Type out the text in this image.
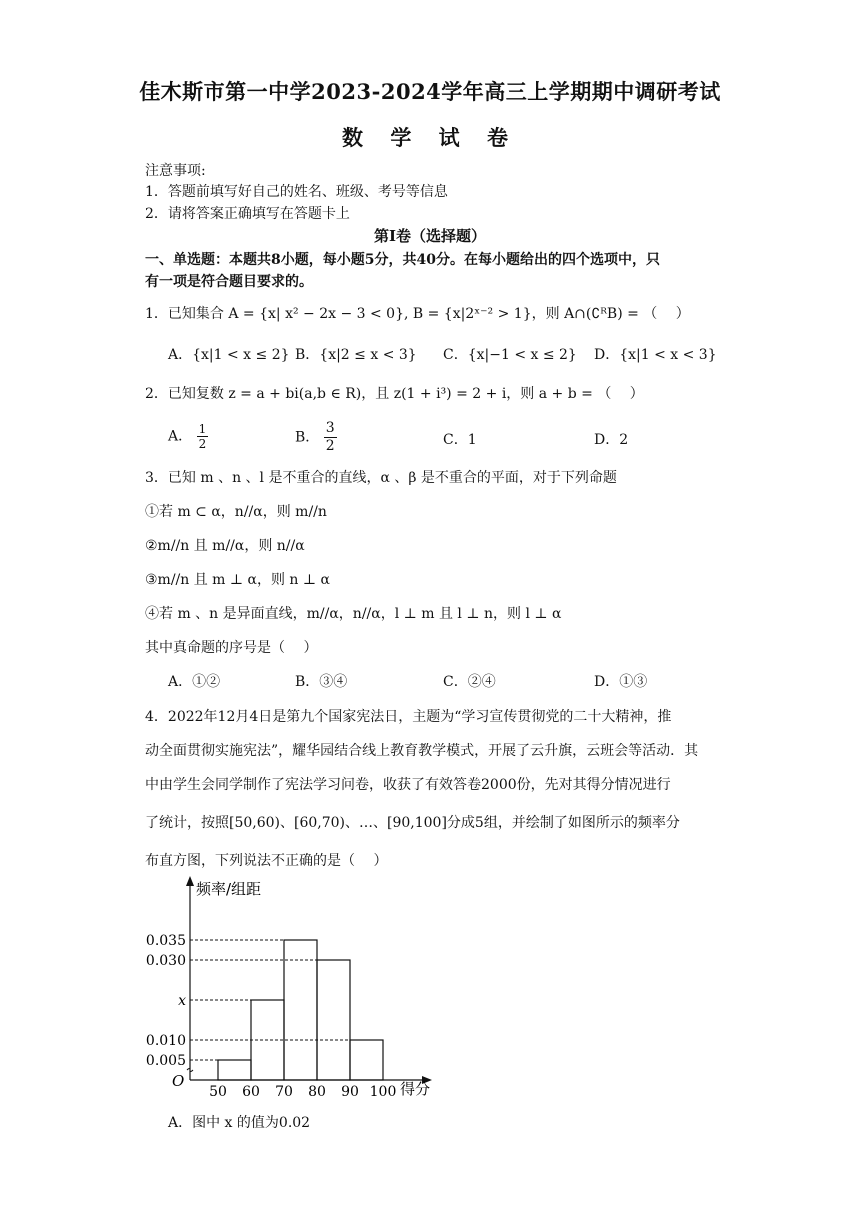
佳木斯市第一中学2023-2024学年高三上学期期中调研考试
数 学 试 卷
注意事项:
1．答题前填写好自己的姓名、班级、考号等信息
2．请将答案正确填写在答题卡上
第I卷（选择题）
一、单选题：本题共8小题，每小题5分，共40分。在每小题给出的四个选项中，只
有一项是符合题目要求的。
1．已知集合 A = {x| x² − 2x − 3 < 0}, B = {x|2ˣ⁻² > 1}，则 A∩(∁ᴿB) = （　 ）
A．{x|1 < x ≤ 2} B．{x|2 ≤ x < 3} C．{x|−1 < x ≤ 2} D．{x|1 < x < 3}
2．已知复数 z = a + bi(a,b ∈ R)，且 z(1 + i³) = 2 + i，则 a + b = （　 ）
A． $\frac{1}{2}$	B． $\frac{3}{2}$	C．1	D．2
3．已知 m 、n 、l 是不重合的直线，α 、β 是不重合的平面，对于下列命题
①若 m ⊂ α，n//α，则 m//n
②m//n 且 m//α，则 n//α
③m//n 且 m ⊥ α，则 n ⊥ α
④若 m 、n 是异面直线，m//α，n//α，l ⊥ m 且 l ⊥ n，则 l ⊥ α
其中真命题的序号是（　 ）
A．①②	B．③④	C．②④	D．①③
4．2022年12月4日是第九个国家宪法日，主题为“学习宣传贯彻党的二十大精神，推
动全面贯彻实施宪法”，耀华园结合线上教育教学模式，开展了云升旗，云班会等活动．其
中由学生会同学制作了宪法学习问卷，收获了有效答卷2000份，先对其得分情况进行
了统计，按照[50,60)、[60,70)、…、[90,100]分成5组，并绘制了如图所示的频率分
布直方图，下列说法不正确的是（　 ）
频率/组距
得分
O
0.035
0.030
x
0.010
0.005
50 60 70 80 90 100
A．图中 x 的值为0.02
